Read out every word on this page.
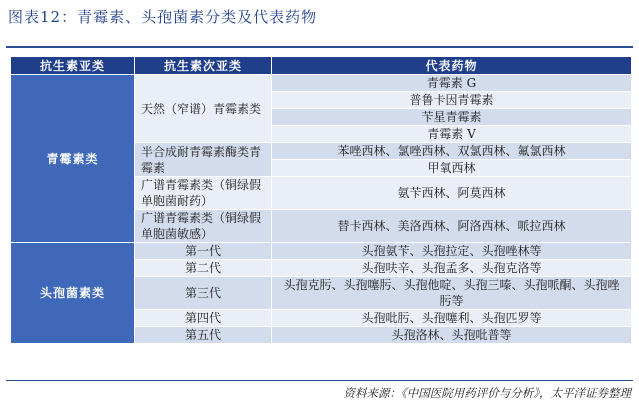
图表12：青霉素、头孢菌素分类及代表药物
抗生素亚类	抗生素次亚类	代表药物
青霉素类	天然（窄谱）青霉素类	青霉素 G
		普鲁卡因青霉素
		苄星青霉素
		青霉素 V
	半合成耐青霉素酶类青霉素	苯唑西林、氯唑西林、双氯西林、氟氯西林
		甲氧西林
	广谱青霉素类（铜绿假单胞菌耐药）	氨苄西林、阿莫西林

	广谱青霉素类（铜绿假单胞菌敏感）	替卡西林、美洛西林、阿洛西林、哌拉西林

头孢菌素类	第一代	头孢氨苄、头孢拉定、头孢唑林等
	第二代	头孢呋辛、头孢孟多、头孢克洛等
	第三代	头孢克肟、头孢噻肟、头孢他啶、头孢三嗪、头孢哌酮、头孢唑肟等
	第四代	头孢吡肟、头孢噻利、头孢匹罗等
	第五代	头孢洛林、头孢吡普等
资料来源：《中国医院用药评价与分析》，太平洋证券整理
